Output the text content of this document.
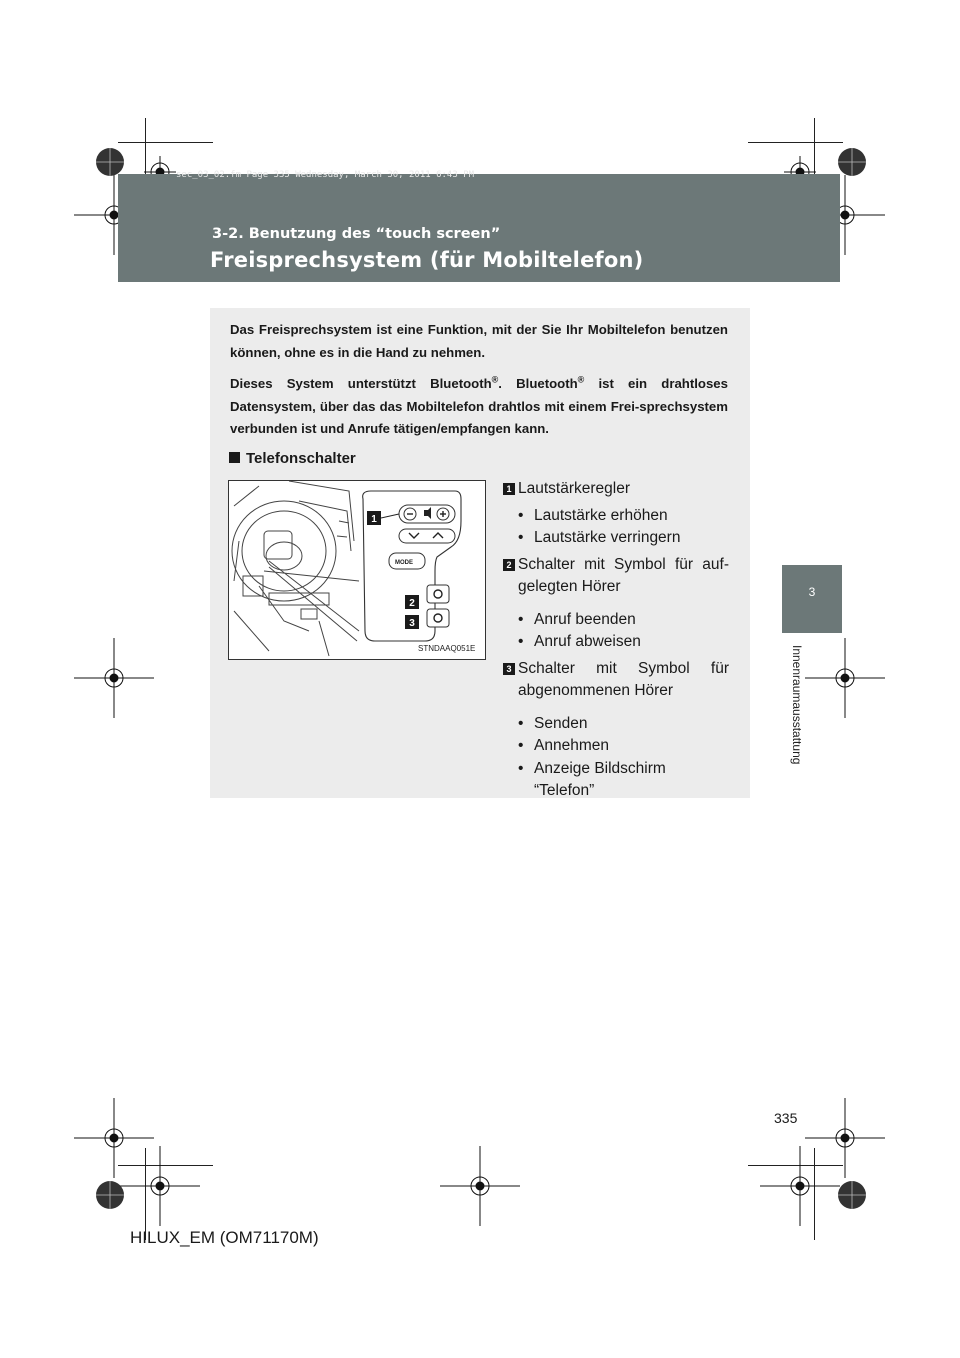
sec_03_02.fm Page 335 Wednesday, March 30, 2011 6:43 PM
3-2. Benutzung des “touch screen”
Freisprechsystem (für Mobiltelefon)
3
Innenraumausstattung

Das Freisprechsystem ist eine Funktion, mit der Sie Ihr Mobiltelefon benutzen können, ohne es in die Hand zu nehmen.

Dieses System unterstützt Bluetooth®. Bluetooth® ist ein drahtloses Datensystem, über das das Mobiltelefon drahtlos mit einem Frei-sprechsystem verbunden ist und Anrufe tätigen/empfangen kann.

Telefonschalter
MODE
1
2
3
STNDAAQ051E
1 Lautstärkeregler
• Lautstärke erhöhen
• Lautstärke verringern
2 Schalter mit Symbol für auf-gelegten Hörer
• Anruf beenden
• Anruf abweisen
3 Schalter mit Symbol für abgenommenen Hörer
• Senden
• Annehmen
• Anzeige Bildschirm “Telefon”
335
HILUX_EM (OM71170M)
